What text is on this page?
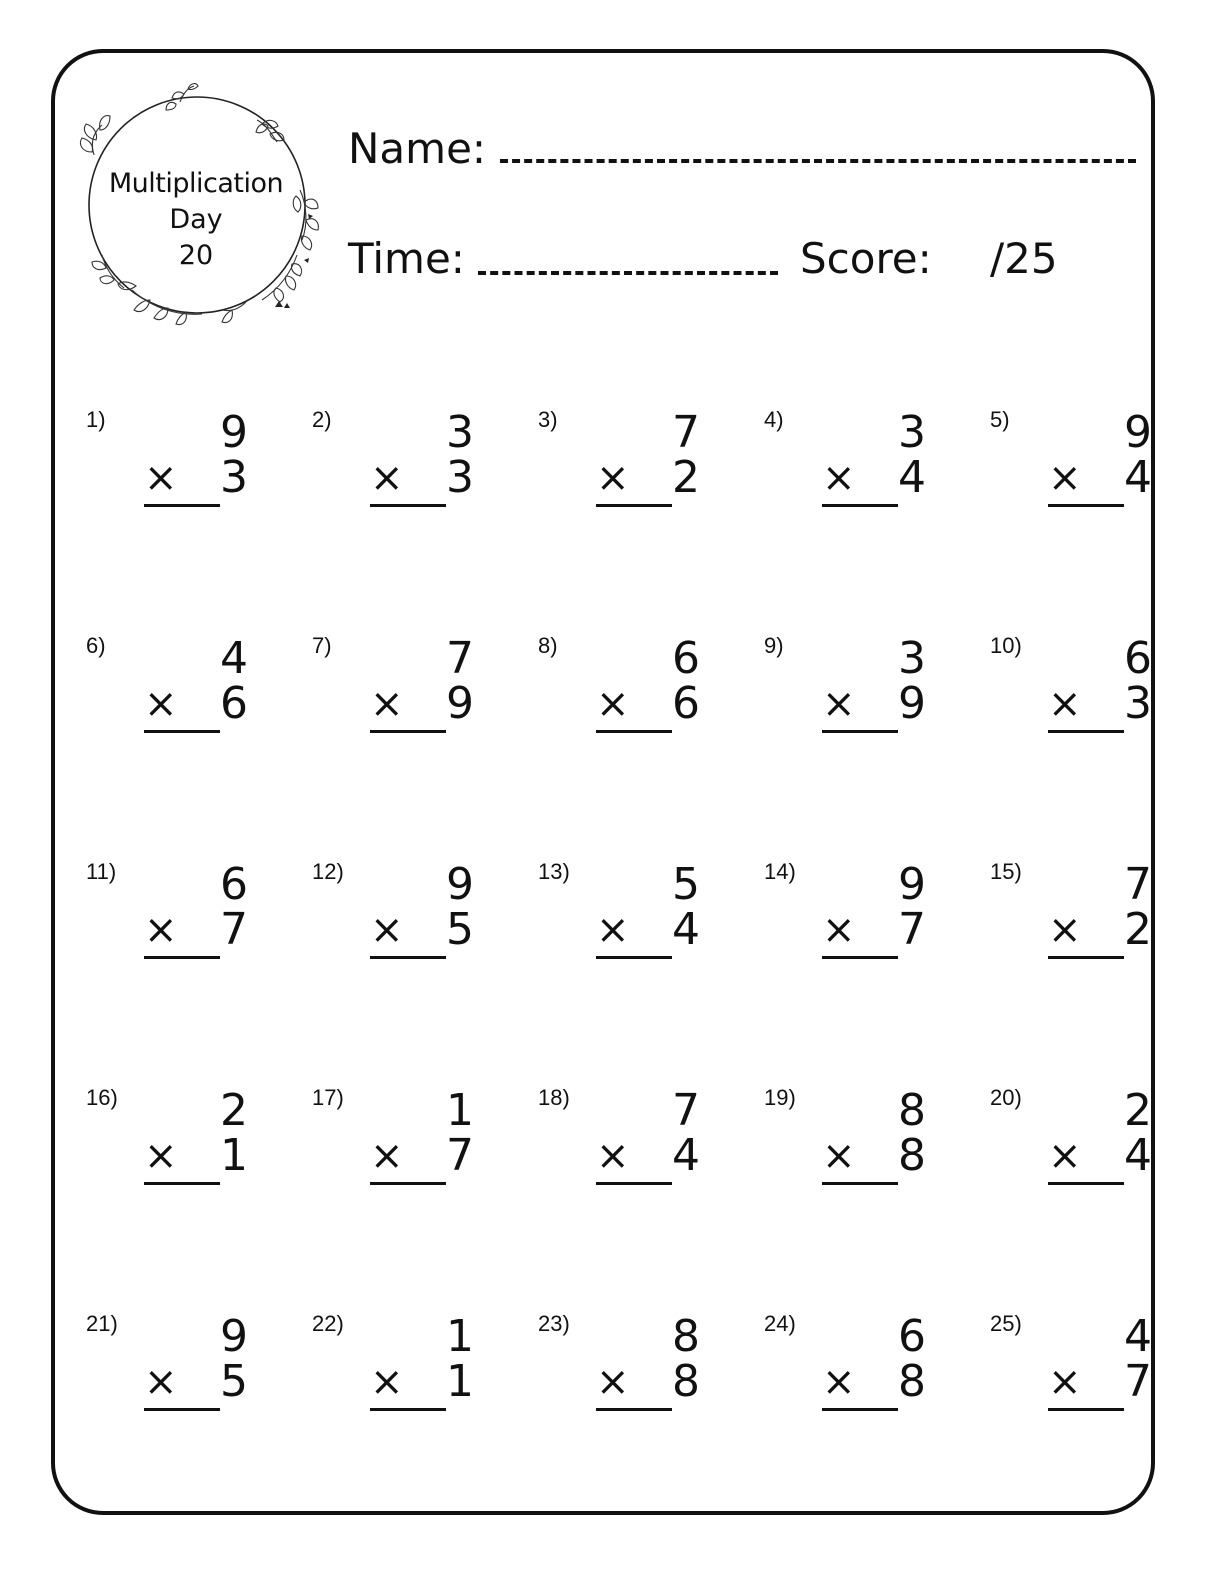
Multiplication
Day
20
Name:
Time:	Score: /25
1)	9
× 3
2)	3
× 3
3)	7
× 2
4)	3
× 4
5)	9
× 4
6)	4
× 6
7)	7
× 9
8)	6
× 6
9)	3
× 9
10) 6
× 3
11) 6
× 7
12) 9
× 5
13) 5
× 4
14) 9
× 7
15) 7
× 2
16) 2
× 1
17) 1
× 7
18) 7
× 4
19) 8
× 8
20) 2
× 4
21) 9
× 5
22) 1
× 1
23) 8
× 8
24) 6
× 8
25) 4
× 7
